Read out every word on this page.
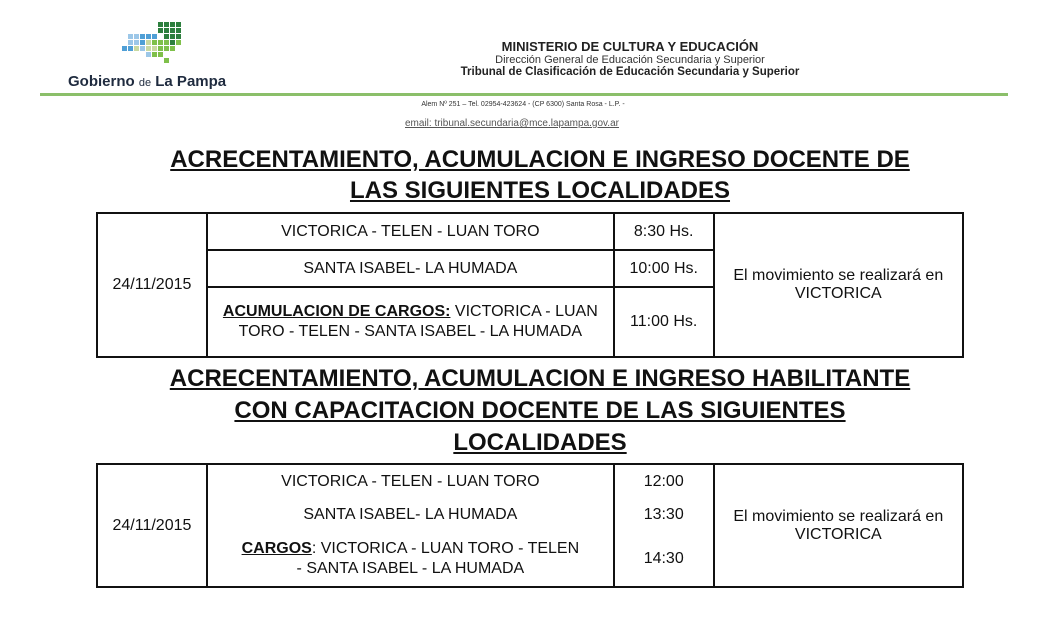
Gobierno de La Pampa
MINISTERIO DE CULTURA Y EDUCACIÓN
Dirección General de Educación Secundaria y Superior
Tribunal de Clasificación de Educación Secundaria y Superior
Alem Nº 251 – Tel. 02954-423624 - (CP 6300) Santa Rosa - L.P. -
email: tribunal.secundaria@mce.lapampa.gov.ar
ACRECENTAMIENTO, ACUMULACION E INGRESO DOCENTE DE
LAS SIGUIENTES LOCALIDADES
24/11/2015	VICTORICA - TELEN - LUAN TORO	8:30 Hs.	El movimiento se realizará en VICTORICA
	SANTA ISABEL- LA HUMADA	10:00 Hs.	
	ACUMULACION DE CARGOS: VICTORICA - LUAN TORO - TELEN - SANTA ISABEL - LA HUMADA	11:00 Hs.	
ACRECENTAMIENTO, ACUMULACION E INGRESO HABILITANTE
CON CAPACITACION DOCENTE DE LAS SIGUIENTES
LOCALIDADES
24/11/2015	VICTORICA - TELEN - LUAN TORO	12:00	El movimiento se realizará en VICTORICA
	SANTA ISABEL- LA HUMADA	13:30	
	CARGOS: VICTORICA - LUAN TORO - TELEN - SANTA ISABEL - LA HUMADA	14:30	
